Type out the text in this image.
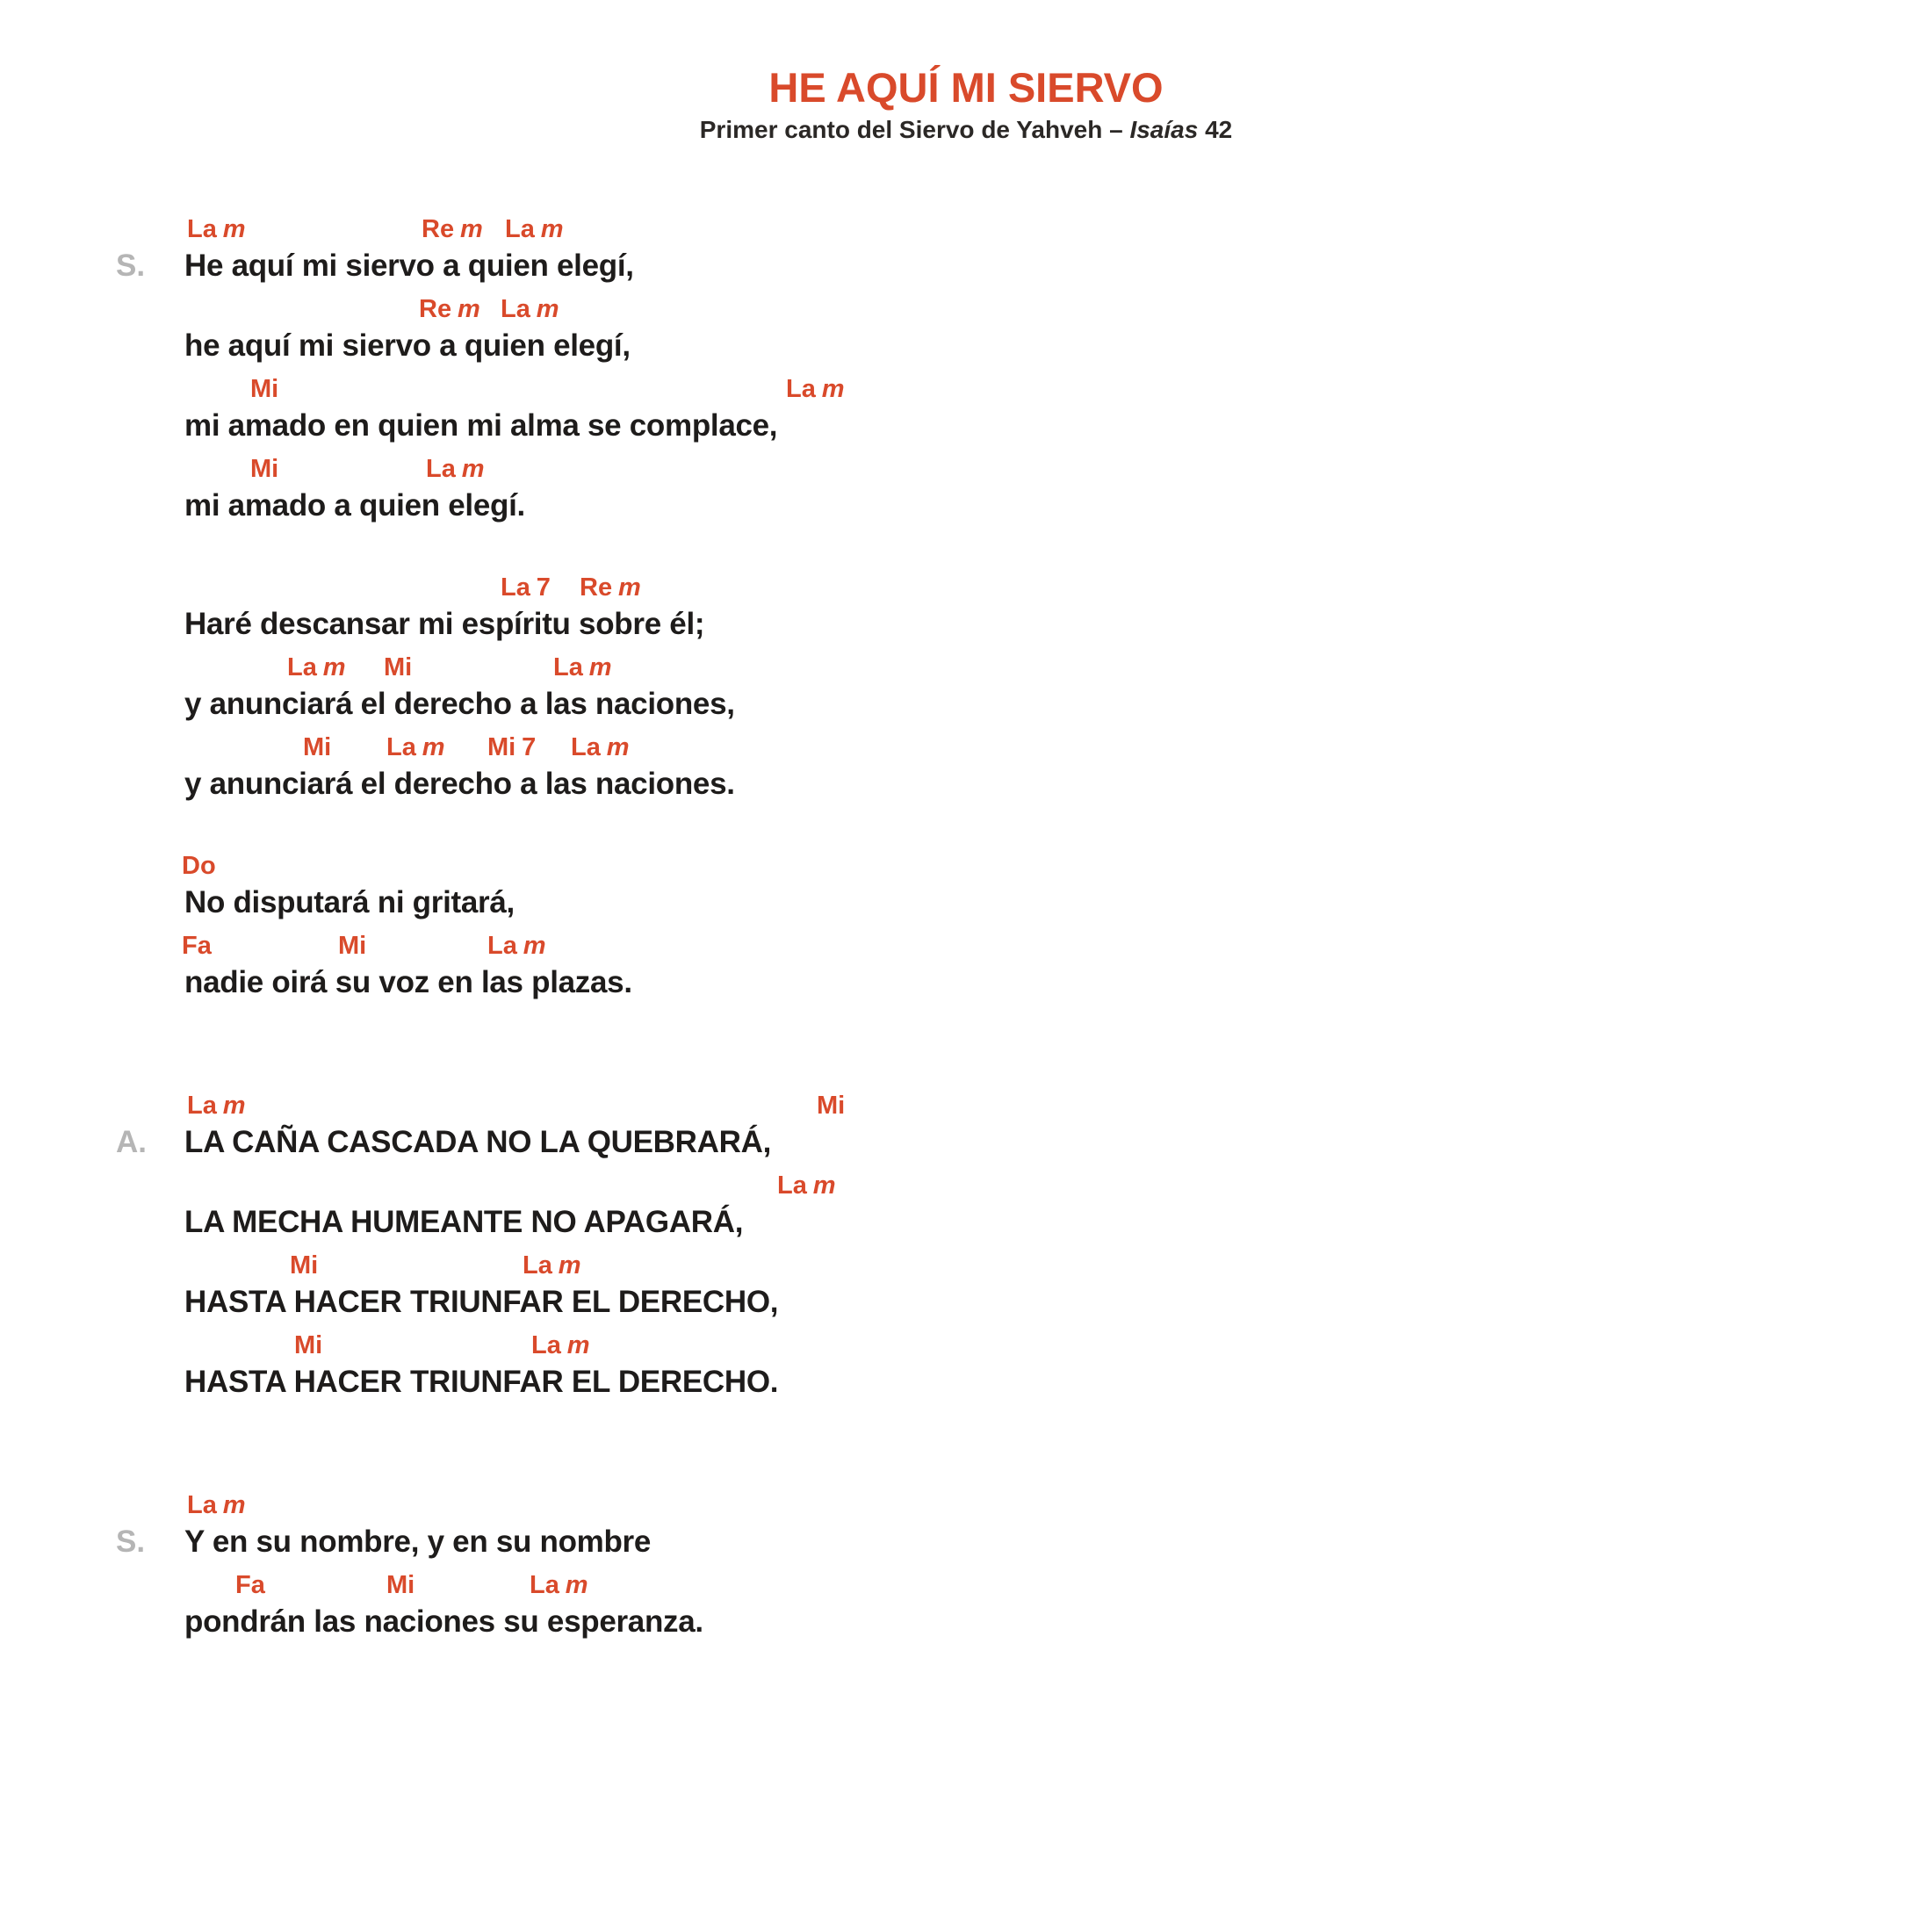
HE AQUÍ MI SIERVO
Primer canto del Siervo de Yahveh – Isaías 42
S.
La m	Re m La m
He aquí mi siervo a quien elegí,
Re m La m
he aquí mi siervo a quien elegí,
Mi	La m
mi amado en quien mi alma se complace,
Mi	La m
mi amado a quien elegí.
La 7 Re m
Haré descansar mi espíritu sobre él;
La m Mi	La m
y anunciará el derecho a las naciones,
Mi La m Mi 7 La m
y anunciará el derecho a las naciones.
Do
No disputará ni gritará,
Fa	Mi	La m
nadie oirá su voz en las plazas.
A.
La m	Mi
LA CAÑA CASCADA NO LA QUEBRARÁ,
La m
LA MECHA HUMEANTE NO APAGARÁ,
Mi	La m
HASTA HACER TRIUNFAR EL DERECHO,
Mi	La m
HASTA HACER TRIUNFAR EL DERECHO.
S.
La m
Y en su nombre, y en su nombre
Fa	Mi	La m
pondrán las naciones su esperanza.
